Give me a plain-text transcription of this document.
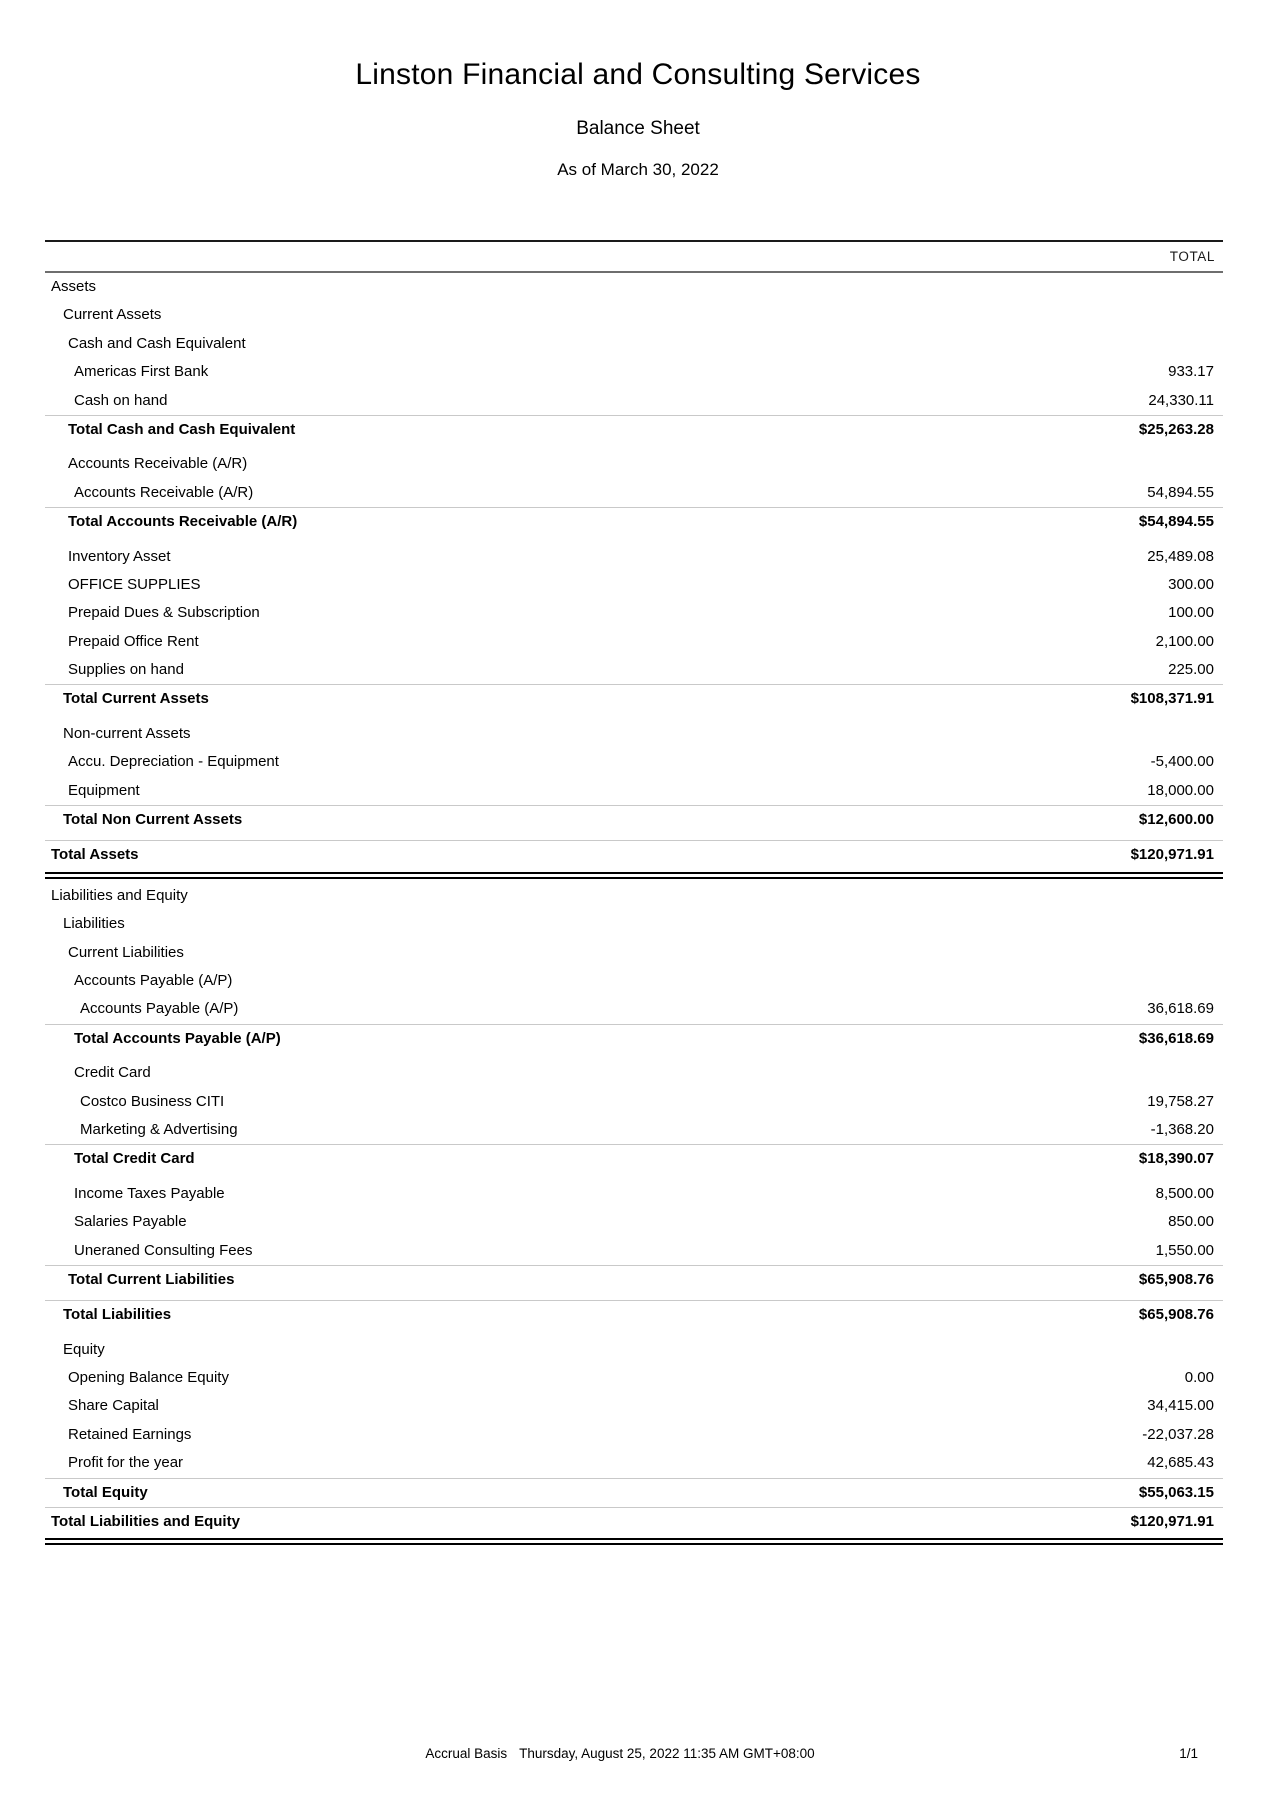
Linston Financial and Consulting Services
Balance Sheet
As of March 30, 2022
TOTAL
Assets
Current Assets
Cash and Cash Equivalent
Americas First Bank	933.17
Cash on hand	24,330.11
Total Cash and Cash Equivalent	$25,263.28
Accounts Receivable (A/R)
Accounts Receivable (A/R)	54,894.55
Total Accounts Receivable (A/R)	$54,894.55
Inventory Asset	25,489.08
OFFICE SUPPLIES	300.00
Prepaid Dues & Subscription	100.00
Prepaid Office Rent	2,100.00
Supplies on hand	225.00
Total Current Assets	$108,371.91
Non-current Assets
Accu. Depreciation - Equipment	-5,400.00
Equipment	18,000.00
Total Non Current Assets	$12,600.00
Total Assets	$120,971.91
Liabilities and Equity
Liabilities
Current Liabilities
Accounts Payable (A/P)
Accounts Payable (A/P)	36,618.69
Total Accounts Payable (A/P)	$36,618.69
Credit Card
Costco Business CITI	19,758.27
Marketing & Advertising	-1,368.20
Total Credit Card	$18,390.07
Income Taxes Payable	8,500.00
Salaries Payable	850.00
Uneraned Consulting Fees	1,550.00
Total Current Liabilities	$65,908.76
Total Liabilities	$65,908.76
Equity
Opening Balance Equity	0.00
Share Capital	34,415.00
Retained Earnings	-22,037.28
Profit for the year	42,685.43
Total Equity	$55,063.15
Total Liabilities and Equity	$120,971.91
Accrual Basis Thursday, August 25, 2022 11:35 AM GMT+08:00	1/1
